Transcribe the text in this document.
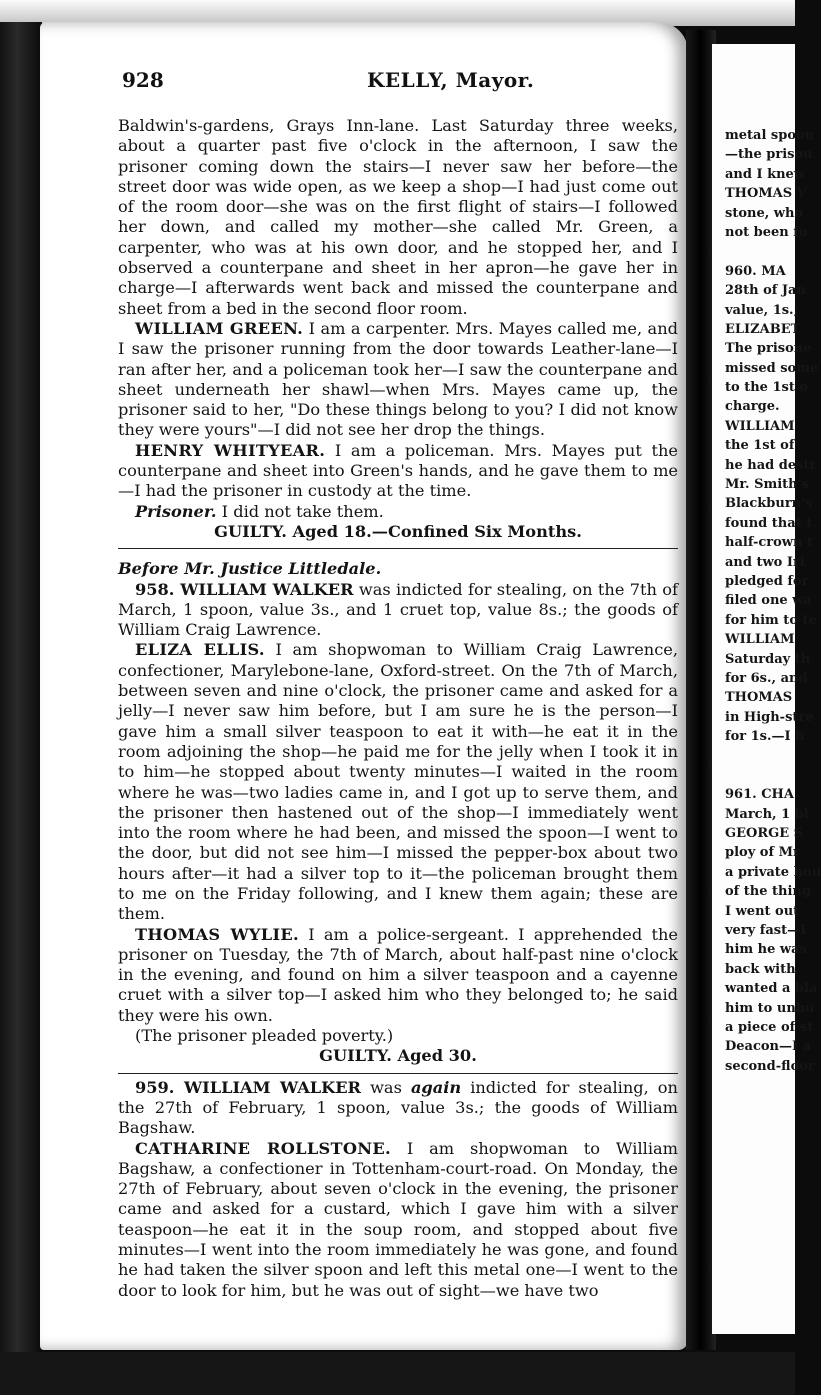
928	KELLY, Mayor.

Baldwin's-gardens, Grays Inn-lane. Last Saturday three weeks, about a quarter past five o'clock in the afternoon, I saw the prisoner coming down the stairs—I never saw her before—the street door was wide open, as we keep a shop—I had just come out of the room door—she was on the first flight of stairs—I followed her down, and called my mother—she called Mr. Green, a carpenter, who was at his own door, and he stopped her, and I observed a counterpane and sheet in her apron—he gave her in charge—I afterwards went back and missed the counterpane and sheet from a bed in the second floor room.

WILLIAM GREEN. I am a carpenter. Mrs. Mayes called me, and I saw the prisoner running from the door towards Leather-lane—I ran after her, and a policeman took her—I saw the counterpane and sheet underneath her shawl—when Mrs. Mayes came up, the prisoner said to her, "Do these things belong to you? I did not know they were yours"—I did not see her drop the things.

HENRY WHITYEAR. I am a policeman. Mrs. Mayes put the counterpane and sheet into Green's hands, and he gave them to me—I had the prisoner in custody at the time.

Prisoner. I did not take them.

GUILTY. Aged 18.—Confined Six Months.

Before Mr. Justice Littledale.

958. WILLIAM WALKER was indicted for stealing, on the 7th of March, 1 spoon, value 3s., and 1 cruet top, value 8s.; the goods of William Craig Lawrence.

ELIZA ELLIS. I am shopwoman to William Craig Lawrence, confectioner, Marylebone-lane, Oxford-street. On the 7th of March, between seven and nine o'clock, the prisoner came and asked for a jelly—I never saw him before, but I am sure he is the person—I gave him a small silver teaspoon to eat it with—he eat it in the room adjoining the shop—he paid me for the jelly when I took it in to him—he stopped about twenty minutes—I waited in the room where he was—two ladies came in, and I got up to serve them, and the prisoner then hastened out of the shop—I immediately went into the room where he had been, and missed the spoon—I went to the door, but did not see him—I missed the pepper-box about two hours after—it had a silver top to it—the policeman brought them to me on the Friday following, and I knew them again; these are them.

THOMAS WYLIE. I am a police-sergeant. I apprehended the prisoner on Tuesday, the 7th of March, about half-past nine o'clock in the evening, and found on him a silver teaspoon and a cayenne cruet with a silver top—I asked him who they belonged to; he said they were his own.

(The prisoner pleaded poverty.)

GUILTY. Aged 30.

959. WILLIAM WALKER was again indicted for stealing, on the 27th of February, 1 spoon, value 3s.; the goods of William Bagshaw.

CATHARINE ROLLSTONE. I am shopwoman to William Bagshaw, a confectioner in Tottenham-court-road. On Monday, the 27th of February, about seven o'clock in the evening, the prisoner came and asked for a custard, which I gave him with a silver teaspoon—he eat it in the soup room, and stopped about five minutes—I went into the room immediately he was gone, and found he had taken the silver spoon and left this metal one—I went to the door to look for him, but he was out of sight—we have two

metal spoon
—the prison
and I knew
THOMAS V
stone, who
not been fo
960. MA
28th of Jan
value, 1s.;
ELIZABET
The prisone
missed some
to the 1st o
charge.
WILLIAM
the 1st of
he had destr
Mr. Smith's
Blackburn's
found that t
half-crown t
and two Iri
pledged for
filed one wa
for him to te
WILLIAM
Saturday th
for 6s., and
THOMAS
in High-stre
for 1s.—I h
961. CHA
March, 1 bl
GEORGE S
ploy of Mr
a private hou
of the thing
I went out
very fast—I
him he was
back with
wanted a bla
him to unbu
a piece of st
Deacon—I a
second-floor
